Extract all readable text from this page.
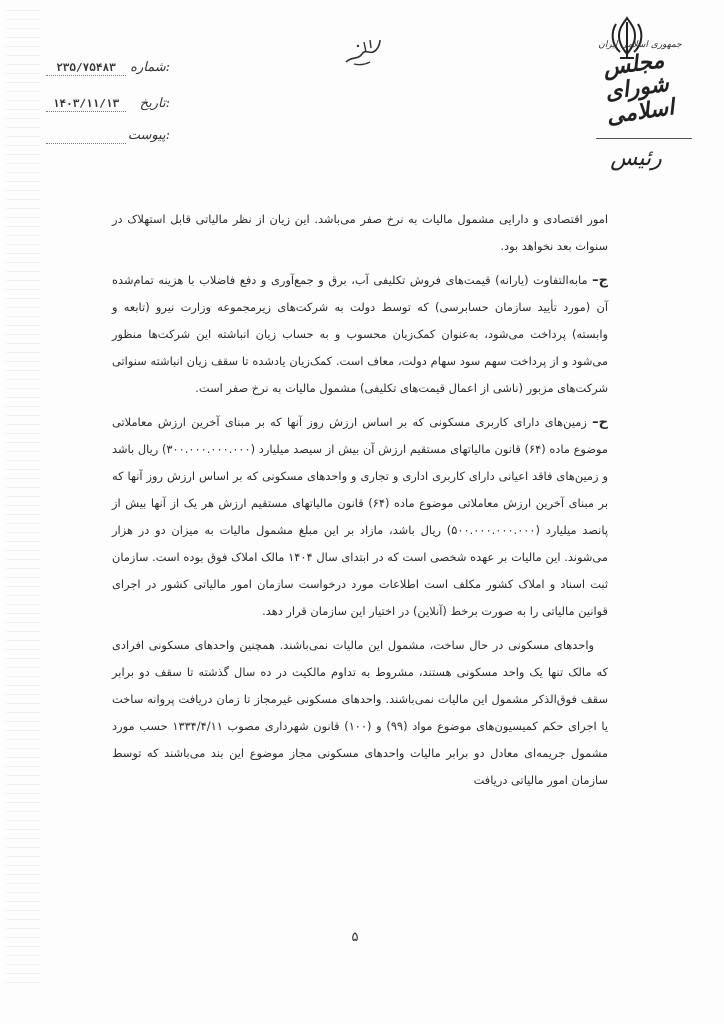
جمهوری اسلامی ایران
مجلس شورای اسلامی
رئیس
۲۳۵/۷۵۴۸۳	شماره:
۱۴۰۳/۱۱/۱۳	تاریخ:
پیوست:

امور اقتصادی و دارایی مشمول مالیات به نرخ صفر می‌باشد. این زیان از نظر مالیاتی قابل استهلاک در سنوات بعد نخواهد بود.

ج– مابه‌التفاوت (یارانه) قیمت‌های فروش تکلیفی آب، برق و جمع‌آوری و دفع فاضلاب با هزینه تمام‌شده آن (مورد تأیید سازمان حسابرسی) که توسط دولت به شرکت‌های زیرمجموعه وزارت نیرو (تابعه و وابسته) پرداخت می‌شود، به‌عنوان کمک‌زیان محسوب و به حساب زیان انباشته این شرکت‌ها منظور می‌شود و از پرداخت سهم سود سهام دولت، معاف است. کمک‌زیان یادشده تا سقف زیان انباشته سنواتی شرکت‌های مزبور (ناشی از اعمال قیمت‌های تکلیفی) مشمول مالیات به نرخ صفر است.

ح– زمین‌های دارای کاربری مسکونی که بر اساس ارزش روز آنها که بر مبنای آخرین ارزش معاملاتی موضوع ماده (۶۴) قانون مالیاتهای مستقیم ارزش آن بیش از سیصد میلیارد (۳۰۰.۰۰۰.۰۰۰.۰۰۰) ریال باشد و زمین‌های فاقد اعیانی دارای کاربری اداری و تجاری و واحدهای مسکونی که بر اساس ارزش روز آنها که بر مبنای آخرین ارزش معاملاتی موضوع ماده (۶۴) قانون مالیاتهای مستقیم ارزش هر یک از آنها بیش از پانصد میلیارد (۵۰۰.۰۰۰.۰۰۰.۰۰۰) ریال باشد، مازاد بر این مبلغ مشمول مالیات به میزان دو در هزار می‌شوند. این مالیات بر عهده شخصی است که در ابتدای سال ۱۴۰۴ مالک املاک فوق بوده است. سازمان ثبت اسناد و املاک کشور مکلف است اطلاعات مورد درخواست سازمان امور مالیاتی کشور در اجرای قوانین مالیاتی را به صورت برخط (آنلاین) در اختیار این سازمان قرار دهد.

واحدهای مسکونی در حال ساخت، مشمول این مالیات نمی‌باشند. همچنین واحدهای مسکونی افرادی که مالک تنها یک واحد مسکونی هستند، مشروط به تداوم مالکیت در ده سال گذشته تا سقف دو برابر سقف فوق‌الذکر مشمول این مالیات نمی‌باشند. واحدهای مسکونی غیرمجاز تا زمان دریافت پروانه ساخت یا اجرای حکم کمیسیون‌های موضوع مواد (۹۹) و (۱۰۰) قانون شهرداری مصوب ۱۳۳۴/۴/۱۱ حسب مورد مشمول جریمه‌ای معادل دو برابر مالیات واحدهای مسکونی مجاز موضوع این بند می‌باشند که توسط سازمان امور مالیاتی دریافت

۵
